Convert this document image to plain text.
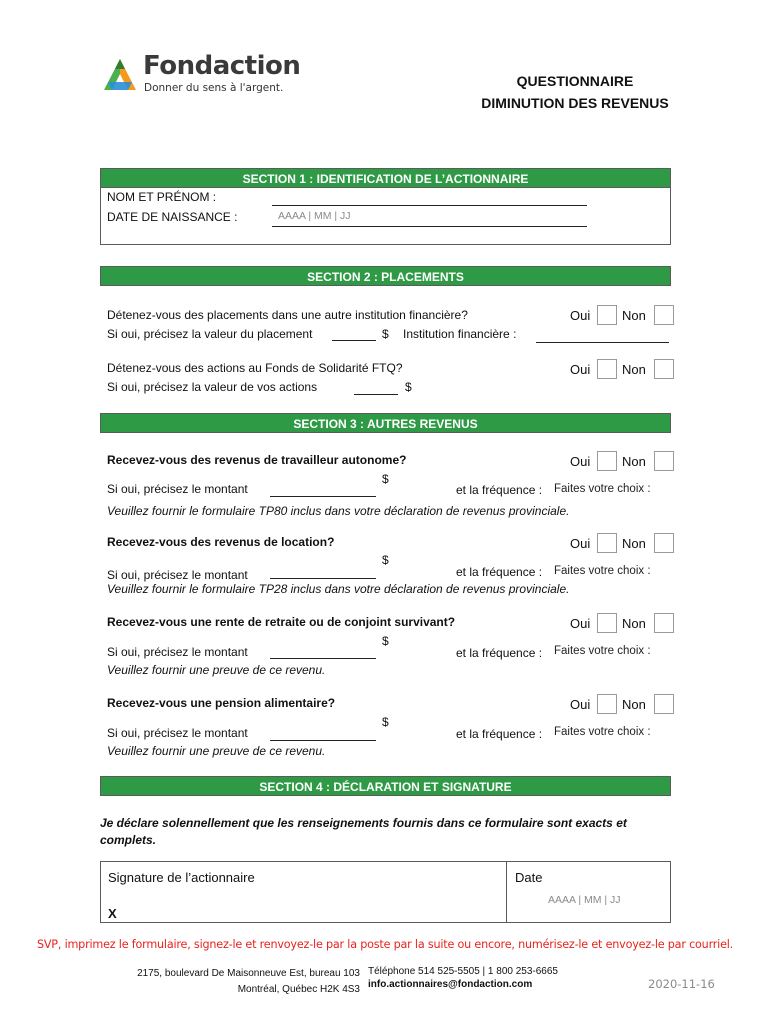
Fondaction
Donner du sens à l'argent.	QUESTIONNAIRE
DIMINUTION DES REVENUS
SECTION 1 : IDENTIFICATION DE L’ACTIONNAIRE
NOM ET PRÉNOM :
DATE DE NAISSANCE :	AAAA | MM | JJ
SECTION 2 : PLACEMENTS
Détenez-vous des placements dans une autre institution financière?	Oui Non
Si oui, précisez la valeur du placement	$ Institution financière :
Détenez-vous des actions au Fonds de Solidarité FTQ?	Oui Non
Si oui, précisez la valeur de vos actions	$
SECTION 3 : AUTRES REVENUS
Recevez-vous des revenus de travailleur autonome?	Oui Non
$
Si oui, précisez le montant	et la fréquence : Faites votre choix :
Veuillez fournir le formulaire TP80 inclus dans votre déclaration de revenus provinciale.
Recevez-vous des revenus de location?	Oui Non
$
Si oui, précisez le montant	et la fréquence : Faites votre choix :
Veuillez fournir le formulaire TP28 inclus dans votre déclaration de revenus provinciale.
Recevez-vous une rente de retraite ou de conjoint survivant?	Oui Non
$
Si oui, précisez le montant	et la fréquence : Faites votre choix :
Veuillez fournir une preuve de ce revenu.
Recevez-vous une pension alimentaire?	Oui Non
$
Si oui, précisez le montant	et la fréquence : Faites votre choix :
Veuillez fournir une preuve de ce revenu.
SECTION 4 : DÉCLARATION ET SIGNATURE
Je déclare solennellement que les renseignements fournis dans ce formulaire sont exacts et
complets.
Signature de l’actionnaire
X
Date
AAAA | MM | JJ
SVP, imprimez le formulaire, signez-le et renvoyez-le par la poste par la suite ou encore, numérisez-le et envoyez-le par courriel.
2175, boulevard De Maisonneuve Est, bureau 103
Montréal, Québec H2K 4S3
Téléphone 514 525-5505 | 1 800 253-6665
info.actionnaires@fondaction.com	2020-11-16
